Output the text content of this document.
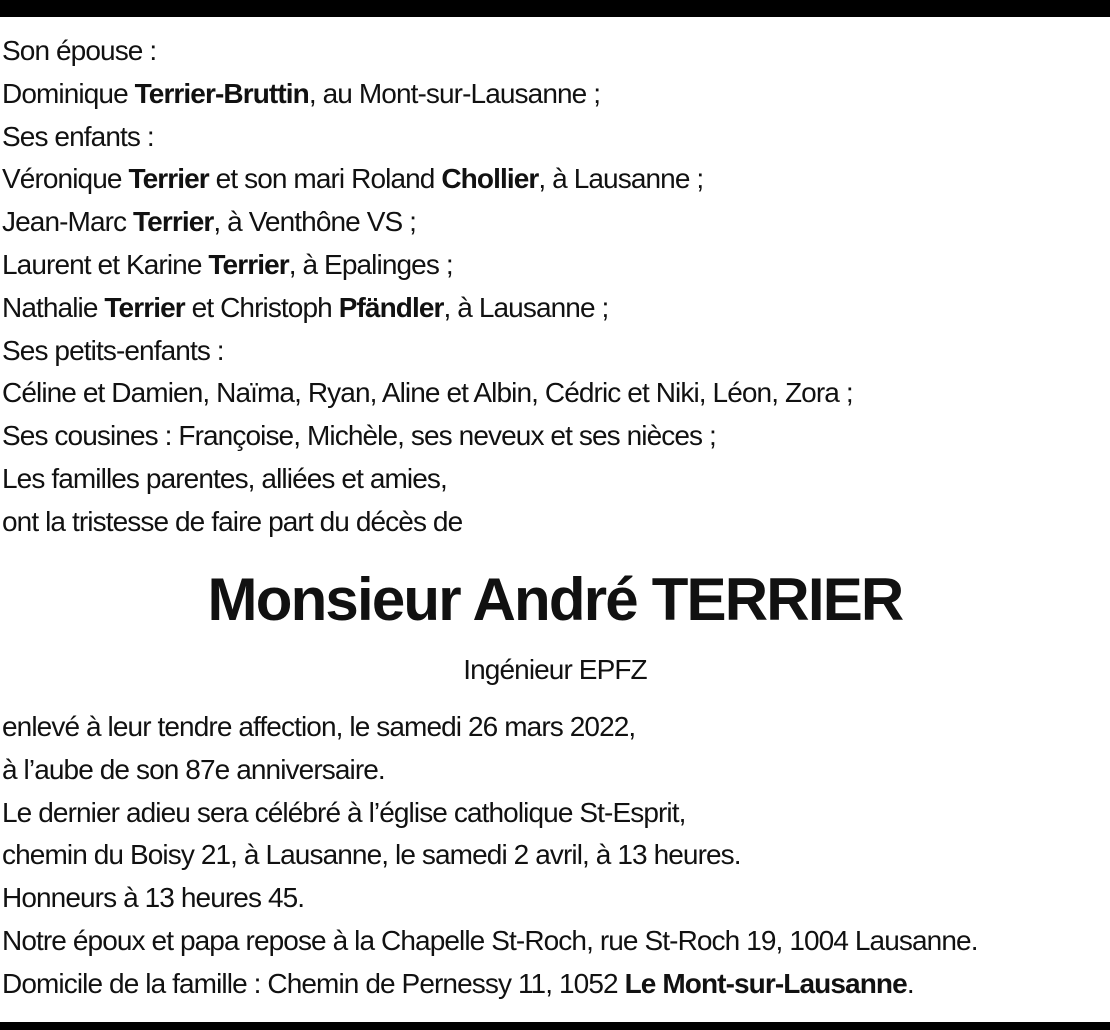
Son épouse :
Dominique Terrier-Bruttin, au Mont-sur-Lausanne ;
Ses enfants :
Véronique Terrier et son mari Roland Chollier, à Lausanne ;
Jean-Marc Terrier, à Venthône VS ;
Laurent et Karine Terrier, à Epalinges ;
Nathalie Terrier et Christoph Pfändler, à Lausanne ;
Ses petits-enfants :
Céline et Damien, Naïma, Ryan, Aline et Albin, Cédric et Niki, Léon, Zora ;
Ses cousines : Françoise, Michèle, ses neveux et ses nièces ;
Les familles parentes, alliées et amies,
ont la tristesse de faire part du décès de
Monsieur André TERRIER
Ingénieur EPFZ
enlevé à leur tendre affection, le samedi 26 mars 2022,
à l’aube de son 87e anniversaire.
Le dernier adieu sera célébré à l’église catholique St-Esprit,
chemin du Boisy 21, à Lausanne, le samedi 2 avril, à 13 heures.
Honneurs à 13 heures 45.
Notre époux et papa repose à la Chapelle St-Roch, rue St-Roch 19, 1004 Lausanne.
Domicile de la famille : Chemin de Pernessy 11, 1052 Le Mont-sur-Lausanne.
